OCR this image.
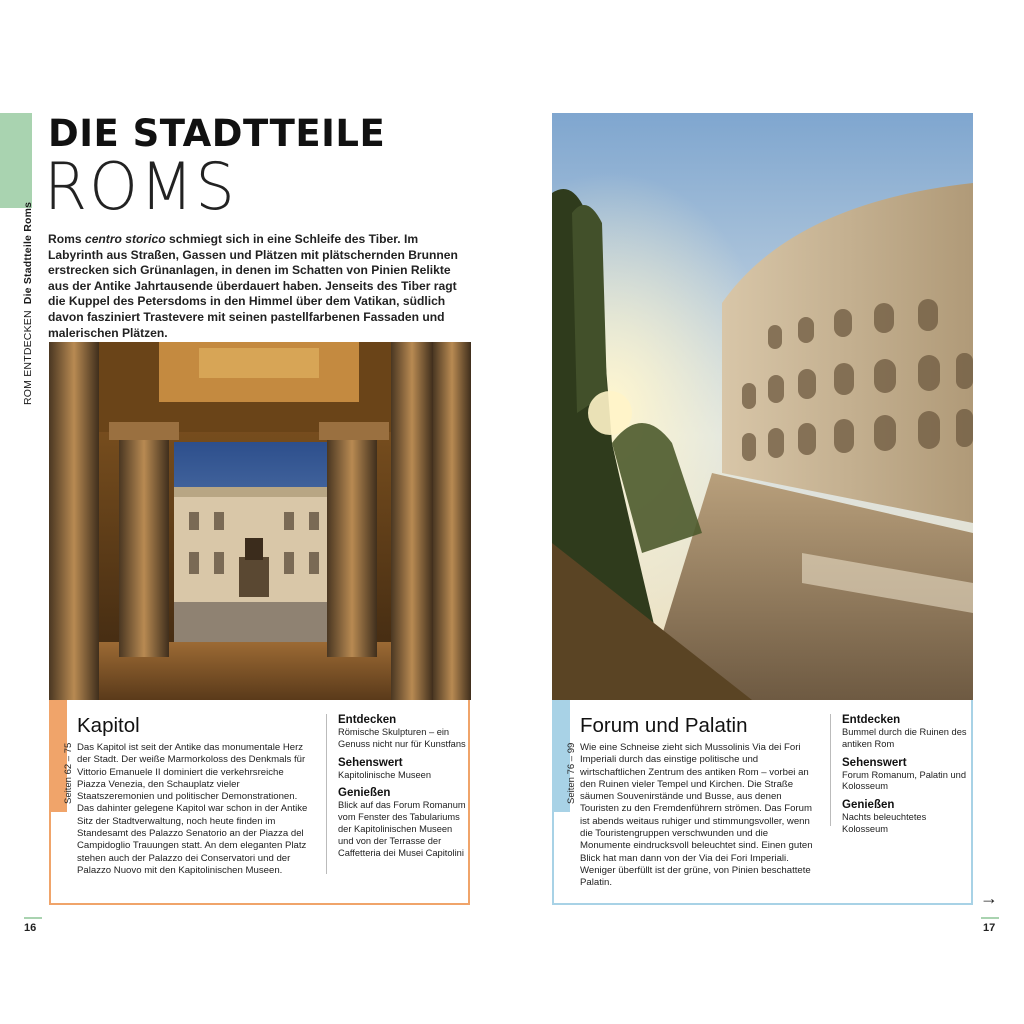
ROM ENTDECKENDie Stadtteile Roms
DIE STADTTEILE
ROMS
Roms centro storico schmiegt sich in eine Schleife des Tiber. Im Labyrinth aus Straßen, Gassen und Plätzen mit plätschernden Brunnen erstrecken sich Grünanlagen, in denen im Schatten von Pinien Relikte aus der Antike Jahrtausende überdauert haben. Jenseits des Tiber ragt die Kuppel des Petersdoms in den Himmel über dem Vatikan, südlich davon fasziniert Trastevere mit seinen pastellfarbenen Fassaden und malerischen Plätzen.
Seiten 62 – 75
Kapitol
Das Kapitol ist seit der Antike das monumentale Herz der Stadt. Der weiße Marmorkoloss des Denkmals für Vittorio Emanuele II dominiert die verkehrsreiche Piazza Venezia, den Schauplatz vieler Staatszeremonien und politischer Demonstrationen. Das dahinter gelegene Kapitol war schon in der Antike Sitz der Stadtverwaltung, noch heute finden im Standesamt des Palazzo Senatorio an der Piazza del Campidoglio Trauungen statt. An dem eleganten Platz stehen auch der Palazzo dei Conservatori und der Palazzo Nuovo mit den Kapitolinischen Museen.
Entdecken
Römische Skulpturen – ein Genuss nicht nur für Kunstfans
Sehenswert
Kapitolinische Museen
Genießen
Blick auf das Forum Romanum vom Fenster des Tabulariums der Kapitolinischen Museen und von der Terrasse der Caffetteria dei Musei Capitolini
16
Seiten 76 – 99
Forum und Palatin
Wie eine Schneise zieht sich Mussolinis Via dei Fori Imperiali durch das einstige politische und wirtschaftlichen Zentrum des antiken Rom – vorbei an den Ruinen vieler Tempel und Kirchen. Die Straße säumen Souvenirstände und Busse, aus denen Touristen zu den Fremdenführern strömen. Das Forum ist abends weitaus ruhiger und stimmungsvoller, wenn die Touristengruppen verschwunden und die Monumente eindrucksvoll beleuchtet sind. Einen guten Blick hat man dann von der Via dei Fori Imperiali. Weniger überfüllt ist der grüne, von Pinien beschattete Palatin.
Entdecken
Bummel durch die Ruinen des antiken Rom
Sehenswert
Forum Romanum, Palatin und Kolosseum
Genießen
Nachts beleuchtetes Kolosseum
→
17
